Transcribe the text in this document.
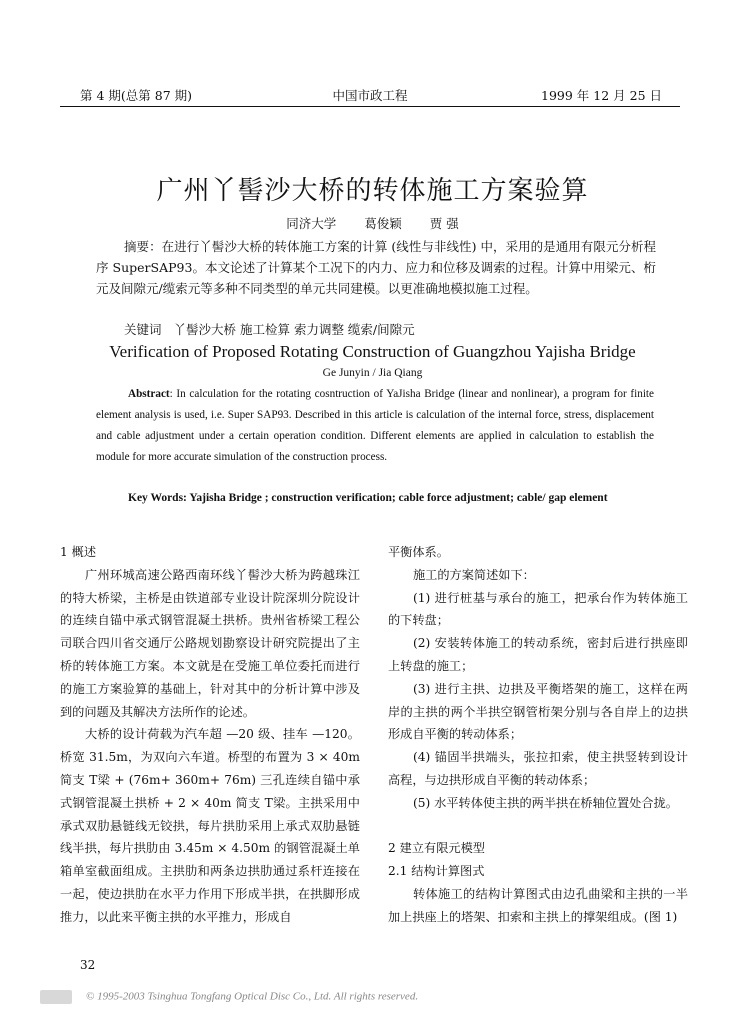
第 4 期(总第 87 期)	中国市政工程	1999 年 12 月 25 日
广州丫髻沙大桥的转体施工方案验算
同济大学 葛俊颖 贾 强
摘要：在进行丫髻沙大桥的转体施工方案的计算 (线性与非线性) 中，采用的是通用有限元分析程序 SuperSAP93。本文论述了计算某个工况下的内力、应力和位移及调索的过程。计算中用梁元、桁元及间隙元/缆索元等多种不同类型的单元共同建模。以更准确地模拟施工过程。
关键词 丫髻沙大桥 施工检算 索力调整 缆索/间隙元
Verification of Proposed Rotating Construction of Guangzhou Yajisha Bridge
Ge Junyin / Jia Qiang
Abstract: In calculation for the rotating cosntruction of YaJisha Bridge (linear and nonlinear), a program for finite element analysis is used, i.e. Super SAP93. Described in this article is calculation of the internal force, stress, displacement and cable adjustment under a certain operation condition. Different elements are applied in calculation to establish the module for more accurate simulation of the construction process.
Key Words: Yajisha Bridge ; construction verification; cable force adjustment; cable/ gap element

1 概述

广州环城高速公路西南环线丫髻沙大桥为跨越珠江的特大桥梁，主桥是由铁道部专业设计院深圳分院设计的连续自锚中承式钢管混凝土拱桥。贵州省桥梁工程公司联合四川省交通厅公路规划勘察设计研究院提出了主桥的转体施工方案。本文就是在受施工单位委托而进行的施工方案验算的基础上，针对其中的分析计算中涉及到的问题及其解决方法所作的论述。

大桥的设计荷载为汽车超 —20 级、挂车 —120。桥宽 31.5m，为双向六车道。桥型的布置为 3 × 40m 简支 T梁 + (76m+ 360m+ 76m) 三孔连续自锚中承式钢管混凝土拱桥 + 2 × 40m 简支 T梁。主拱采用中承式双肋悬链线无铰拱，每片拱肋采用上承式双肋悬链线半拱，每片拱肋由 3.45m × 4.50m 的钢管混凝土单箱单室截面组成。主拱肋和两条边拱肋通过系杆连接在一起，使边拱肋在水平力作用下形成半拱，在拱脚形成推力，以此来平衡主拱的水平推力，形成自

平衡体系。

施工的方案简述如下：

(1) 进行桩基与承台的施工，把承台作为转体施工的下转盘；

(2) 安装转体施工的转动系统，密封后进行拱座即上转盘的施工；

(3) 进行主拱、边拱及平衡塔架的施工，这样在两岸的主拱的两个半拱空钢管桁架分别与各自岸上的边拱形成自平衡的转动体系；

(4) 锚固半拱端头，张拉扣索，使主拱竖转到设计高程，与边拱形成自平衡的转动体系；

(5) 水平转体使主拱的两半拱在桥轴位置处合拢。

2 建立有限元模型

2.1 结构计算图式

转体施工的结构计算图式由边孔曲梁和主拱的一半加上拱座上的塔架、扣索和主拱上的撑架组成。(图 1)

32
© 1995-2003 Tsinghua Tongfang Optical Disc Co., Ltd. All rights reserved.
